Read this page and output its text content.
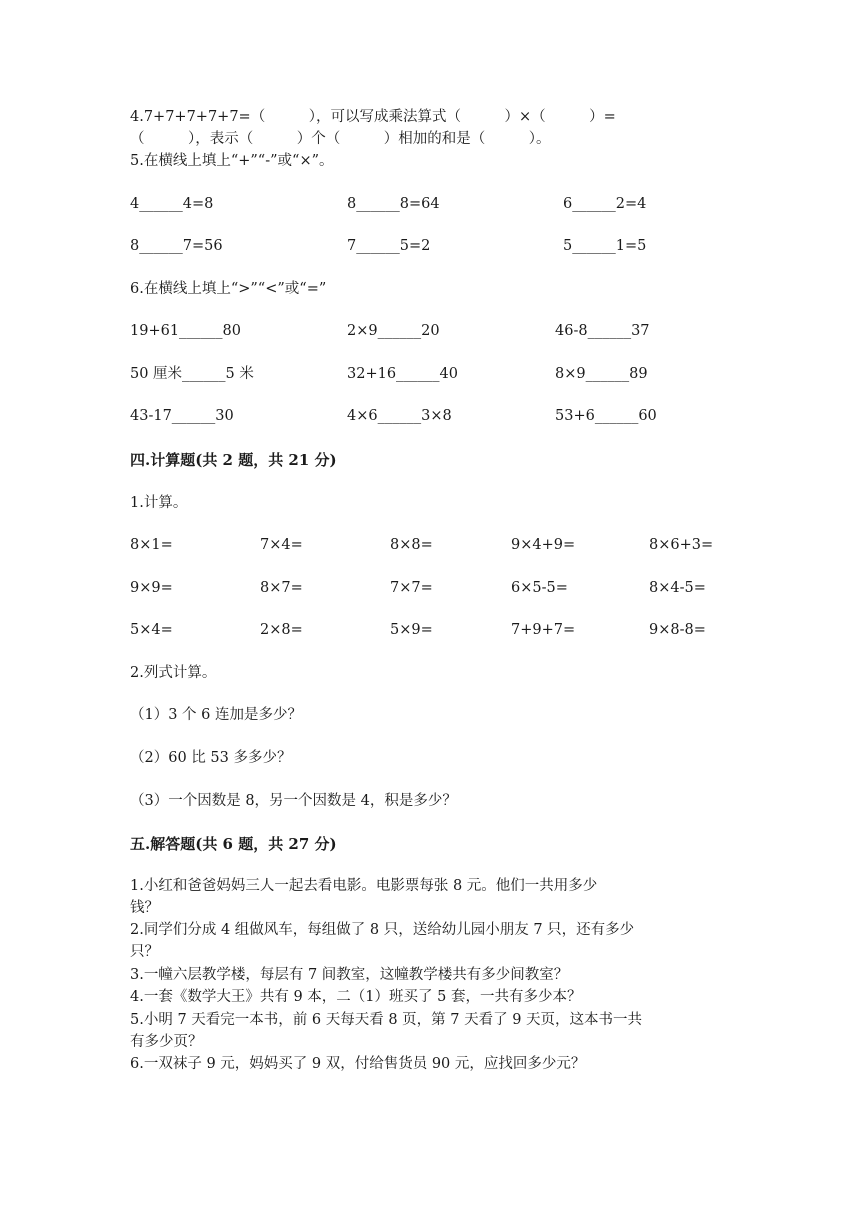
4.7+7+7+7+7=（　　　），可以写成乘法算式（　　　）×（　　　）=
（　　　），表示（　　　）个（　　　）相加的和是（　　　）。
5.在横线上填上“+”“-”或“×”。
4______4=8	8______8=64	6______2=4
8______7=56	7______5=2	5______1=5
6.在横线上填上“>”“<”或“=”
19+61______80	2×9______20	46-8______37
50 厘米______5 米	32+16______40	8×9______89
43-17______30	4×6______3×8	53+6______60
四.计算题(共 2 题，共 21 分)
1.计算。
8×1=	7×4=	8×8=	9×4+9=	8×6+3=
9×9=	8×7=	7×7=	6×5-5=	8×4-5=
5×4=	2×8=	5×9=	7+9+7=	9×8-8=
2.列式计算。
（1）3 个 6 连加是多少？
（2）60 比 53 多多少？
（3）一个因数是 8，另一个因数是 4，积是多少？
五.解答题(共 6 题，共 27 分)
1.小红和爸爸妈妈三人一起去看电影。电影票每张 8 元。他们一共用多少
钱？
2.同学们分成 4 组做风车，每组做了 8 只，送给幼儿园小朋友 7 只，还有多少
只？
3.一幢六层教学楼，每层有 7 间教室，这幢教学楼共有多少间教室？
4.一套《数学大王》共有 9 本，二（1）班买了 5 套，一共有多少本？
5.小明 7 天看完一本书，前 6 天每天看 8 页，第 7 天看了 9 天页，这本书一共
有多少页？
6.一双袜子 9 元，妈妈买了 9 双，付给售货员 90 元，应找回多少元？
